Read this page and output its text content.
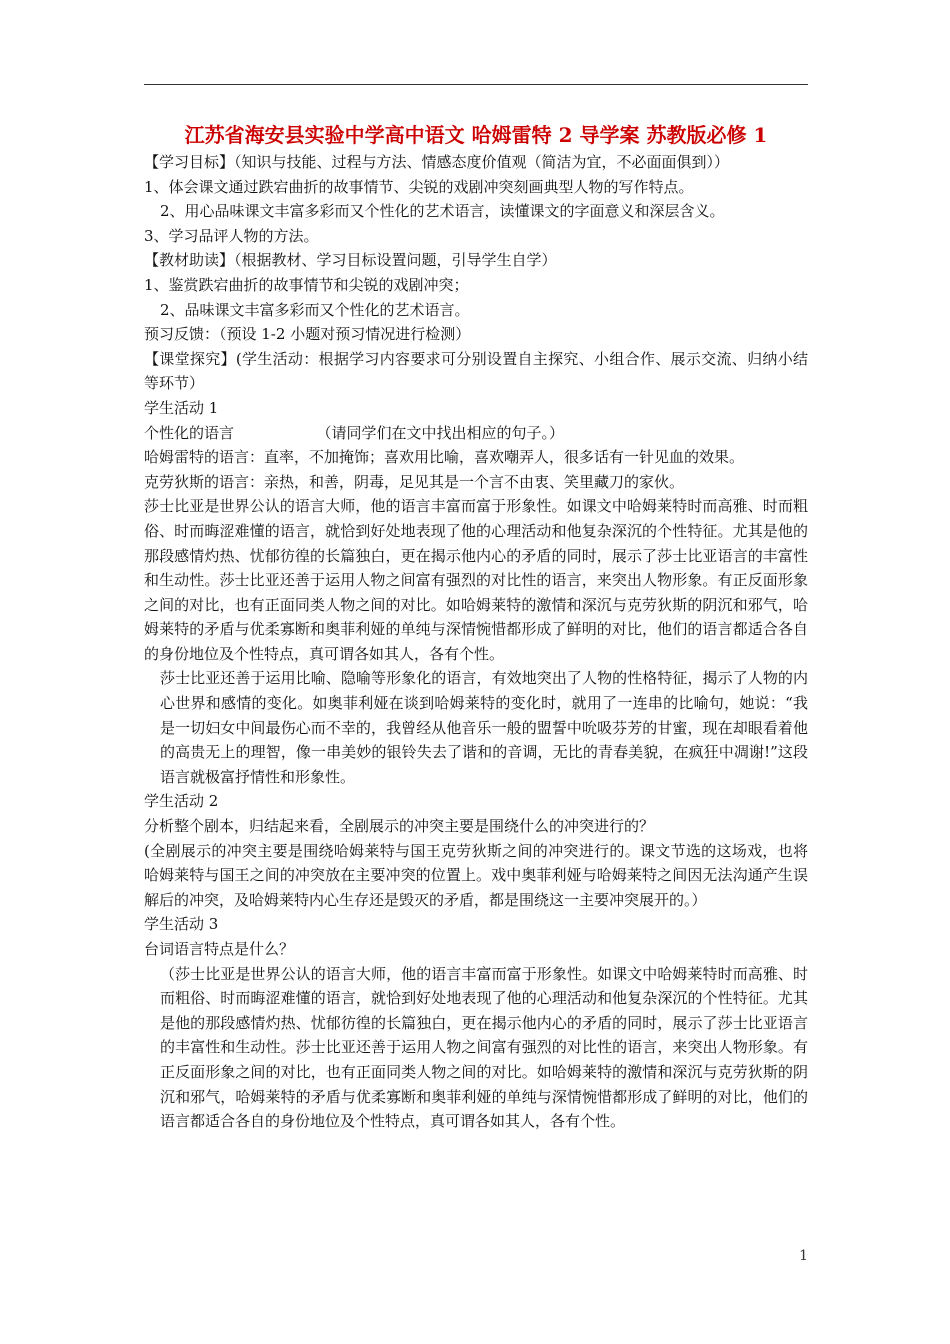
江苏省海安县实验中学高中语文 哈姆雷特 2 导学案 苏教版必修 1

【学习目标】（知识与技能、过程与方法、情感态度价值观（简洁为宜，不必面面俱到））

1、体会课文通过跌宕曲折的故事情节、尖锐的戏剧冲突刻画典型人物的写作特点。

2、用心品味课文丰富多彩而又个性化的艺术语言，读懂课文的字面意义和深层含义。

3、学习品评人物的方法。

【教材助读】（根据教材、学习目标设置问题，引导学生自学）

1、鉴赏跌宕曲折的故事情节和尖锐的戏剧冲突；

2、品味课文丰富多彩而又个性化的艺术语言。

预习反馈：（预设 1-2 小题对预习情况进行检测）

【课堂探究】(学生活动：根据学习内容要求可分别设置自主探究、小组合作、展示交流、归纳小结等环节）

学生活动 1

个性化的语言　　　　　　（请同学们在文中找出相应的句子。）

哈姆雷特的语言：直率，不加掩饰；喜欢用比喻，喜欢嘲弄人，很多话有一针见血的效果。

克劳狄斯的语言：亲热，和善，阴毒，足见其是一个言不由衷、笑里藏刀的家伙。

莎士比亚是世界公认的语言大师，他的语言丰富而富于形象性。如课文中哈姆莱特时而高雅、时而粗俗、时而晦涩难懂的语言，就恰到好处地表现了他的心理活动和他复杂深沉的个性特征。尤其是他的那段感情灼热、忧郁彷徨的长篇独白，更在揭示他内心的矛盾的同时，展示了莎士比亚语言的丰富性和生动性。莎士比亚还善于运用人物之间富有强烈的对比性的语言，来突出人物形象。有正反面形象之间的对比，也有正面同类人物之间的对比。如哈姆莱特的激情和深沉与克劳狄斯的阴沉和邪气，哈姆莱特的矛盾与优柔寡断和奥菲利娅的单纯与深情惋惜都形成了鲜明的对比，他们的语言都适合各自的身份地位及个性特点，真可谓各如其人，各有个性。

莎士比亚还善于运用比喻、隐喻等形象化的语言，有效地突出了人物的性格特征，揭示了人物的内心世界和感情的变化。如奥菲利娅在谈到哈姆莱特的变化时，就用了一连串的比喻句，她说：“我是一切妇女中间最伤心而不幸的，我曾经从他音乐一般的盟誓中吮吸芬芳的甘蜜，现在却眼看着他的高贵无上的理智，像一串美妙的银铃失去了谐和的音调，无比的青春美貌，在疯狂中凋谢!”这段语言就极富抒情性和形象性。

学生活动 2

分析整个剧本，归结起来看，全剧展示的冲突主要是围绕什么的冲突进行的？

(全剧展示的冲突主要是围绕哈姆莱特与国王克劳狄斯之间的冲突进行的。课文节选的这场戏，也将哈姆莱特与国王之间的冲突放在主要冲突的位置上。戏中奥菲利娅与哈姆莱特之间因无法沟通产生误解后的冲突，及哈姆莱特内心生存还是毁灭的矛盾，都是围绕这一主要冲突展开的。）

学生活动 3

台词语言特点是什么？

（莎士比亚是世界公认的语言大师，他的语言丰富而富于形象性。如课文中哈姆莱特时而高雅、时而粗俗、时而晦涩难懂的语言，就恰到好处地表现了他的心理活动和他复杂深沉的个性特征。尤其是他的那段感情灼热、忧郁彷徨的长篇独白，更在揭示他内心的矛盾的同时，展示了莎士比亚语言的丰富性和生动性。莎士比亚还善于运用人物之间富有强烈的对比性的语言，来突出人物形象。有正反面形象之间的对比，也有正面同类人物之间的对比。如哈姆莱特的激情和深沉与克劳狄斯的阴沉和邪气，哈姆莱特的矛盾与优柔寡断和奥菲利娅的单纯与深情惋惜都形成了鲜明的对比，他们的语言都适合各自的身份地位及个性特点，真可谓各如其人，各有个性。

1
